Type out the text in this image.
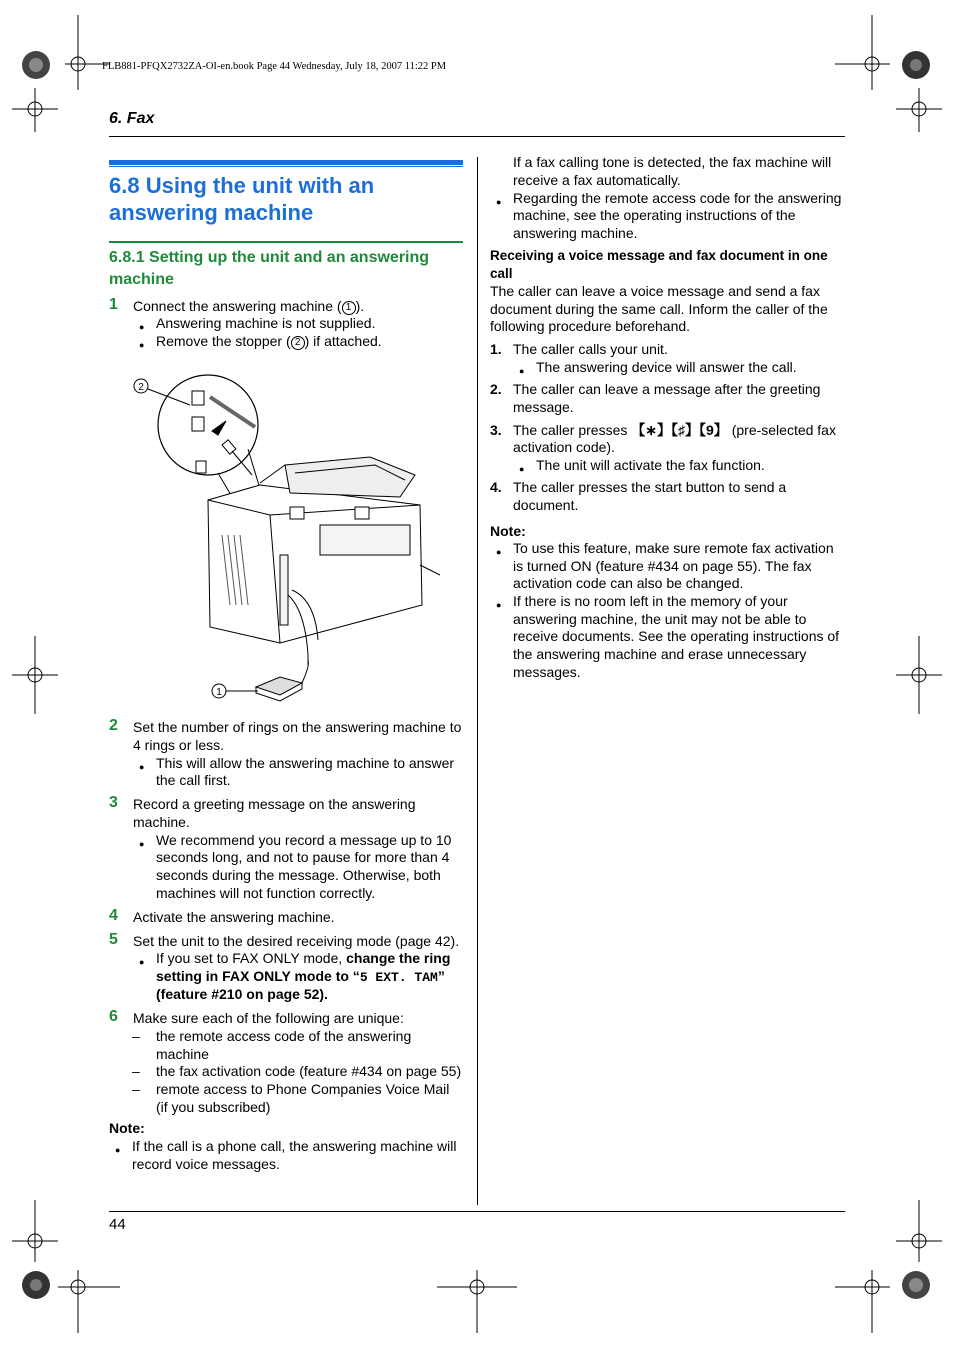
FLB881-PFQX2732ZA-OI-en.book Page 44 Wednesday, July 18, 2007 11:22 PM
6. Fax
44
6.8 Using the unit with an answering machine
6.8.1 Setting up the unit and an answering machine
1 Connect the answering machine ( 1 ).
● Answering machine is not supplied.
● Remove the stopper ( 2 ) if attached.
2
1
2 Set the number of rings on the answering machine to
4 rings or less.
● This will allow the answering machine to answer
the call first.
3 Record a greeting message on the answering
machine.
● We recommend you record a message up to 10
seconds long, and not to pause for more than 4
seconds during the message. Otherwise, both
machines will not function correctly.
4 Activate the answering machine.
5 Set the unit to the desired receiving mode (page 42).
● If you set to FAX ONLY mode, change the ring
setting in FAX ONLY mode to “5 EXT. TAM”
(feature #210 on page 52).
6 Make sure each of the following are unique:
– the remote access code of the answering
machine
– the fax activation code (feature #434 on page 55)
– remote access to Phone Companies Voice Mail
(if you subscribed)
Note:
● If the call is a phone call, the answering machine will
record voice messages.
If a fax calling tone is detected, the fax machine will
receive a fax automatically.
● Regarding the remote access code for the answering
machine, see the operating instructions of the
answering machine.
Receiving a voice message and fax document in one
call
The caller can leave a voice message and send a fax
document during the same call. Inform the caller of the
following procedure beforehand.
1. The caller calls your unit.
● The answering device will answer the call.
2. The caller can leave a message after the greeting
message.
3. The caller presses 【∗】【♯】【9】 (pre-selected fax
activation code).
● The unit will activate the fax function.
4. The caller presses the start button to send a
document.
Note:
● To use this feature, make sure remote fax activation
is turned ON (feature #434 on page 55). The fax
activation code can also be changed.
● If there is no room left in the memory of your
answering machine, the unit may not be able to
receive documents. See the operating instructions of
the answering machine and erase unnecessary
messages.
